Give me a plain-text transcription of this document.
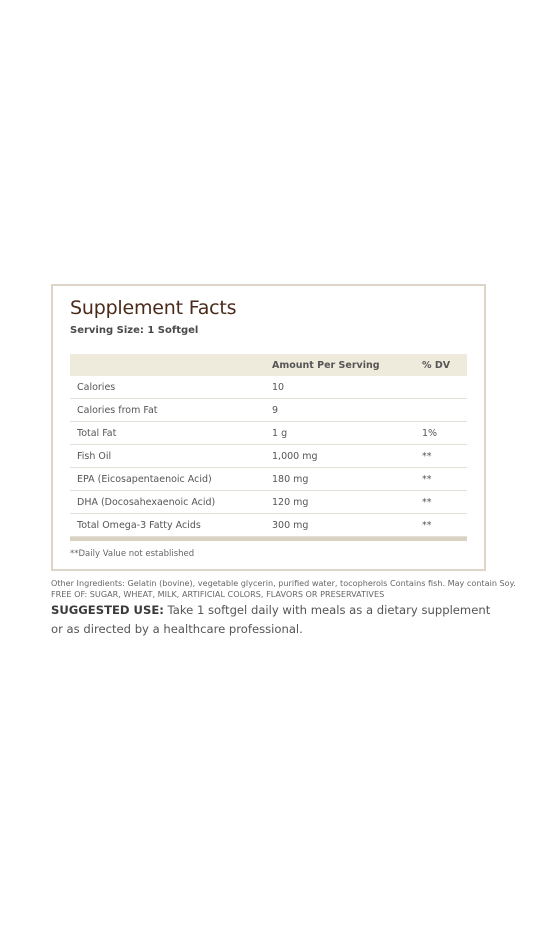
Supplement Facts
Serving Size: 1 Softgel
Amount Per Serving	% DV
Calories	10
Calories from Fat	9
Total Fat	1 g	1%
Fish Oil	1,000 mg	**
EPA (Eicosapentaenoic Acid)	180 mg	**
DHA (Docosahexaenoic Acid)	120 mg	**
Total Omega-3 Fatty Acids	300 mg	**
**Daily Value not established
Other Ingredients: Gelatin (bovine), vegetable glycerin, purified water, tocopherols Contains fish. May contain Soy.
FREE OF: SUGAR, WHEAT, MILK, ARTIFICIAL COLORS, FLAVORS OR PRESERVATIVES
SUGGESTED USE: Take 1 softgel daily with meals as a dietary supplement or as directed by a healthcare professional.
